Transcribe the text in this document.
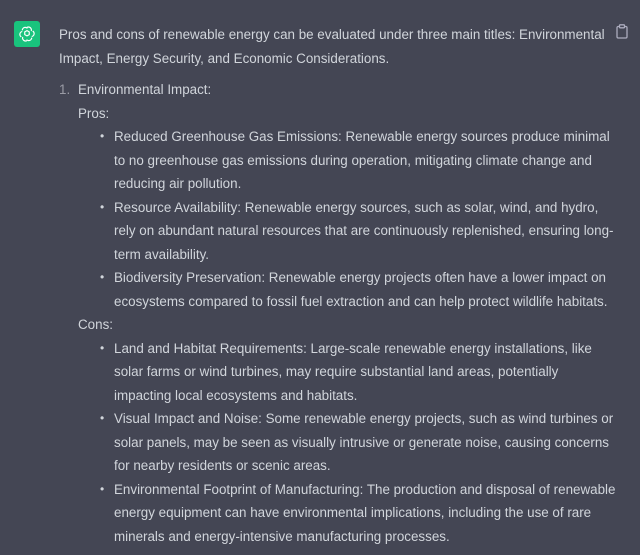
Pros and cons of renewable energy can be evaluated under three main titles: Environmental Impact, Energy Security, and Economic Considerations.

1. Environmental Impact:

Pros:

• Reduced Greenhouse Gas Emissions: Renewable energy sources produce minimal to no greenhouse gas emissions during operation, mitigating climate change and reducing air pollution.
• Resource Availability: Renewable energy sources, such as solar, wind, and hydro, rely on abundant natural resources that are continuously replenished, ensuring long-term availability.
• Biodiversity Preservation: Renewable energy projects often have a lower impact on ecosystems compared to fossil fuel extraction and can help protect wildlife habitats.

Cons:

• Land and Habitat Requirements: Large-scale renewable energy installations, like solar farms or wind turbines, may require substantial land areas, potentially impacting local ecosystems and habitats.
• Visual Impact and Noise: Some renewable energy projects, such as wind turbines or solar panels, may be seen as visually intrusive or generate noise, causing concerns for nearby residents or scenic areas.
• Environmental Footprint of Manufacturing: The production and disposal of renewable energy equipment can have environmental implications, including the use of rare minerals and energy-intensive manufacturing processes.
